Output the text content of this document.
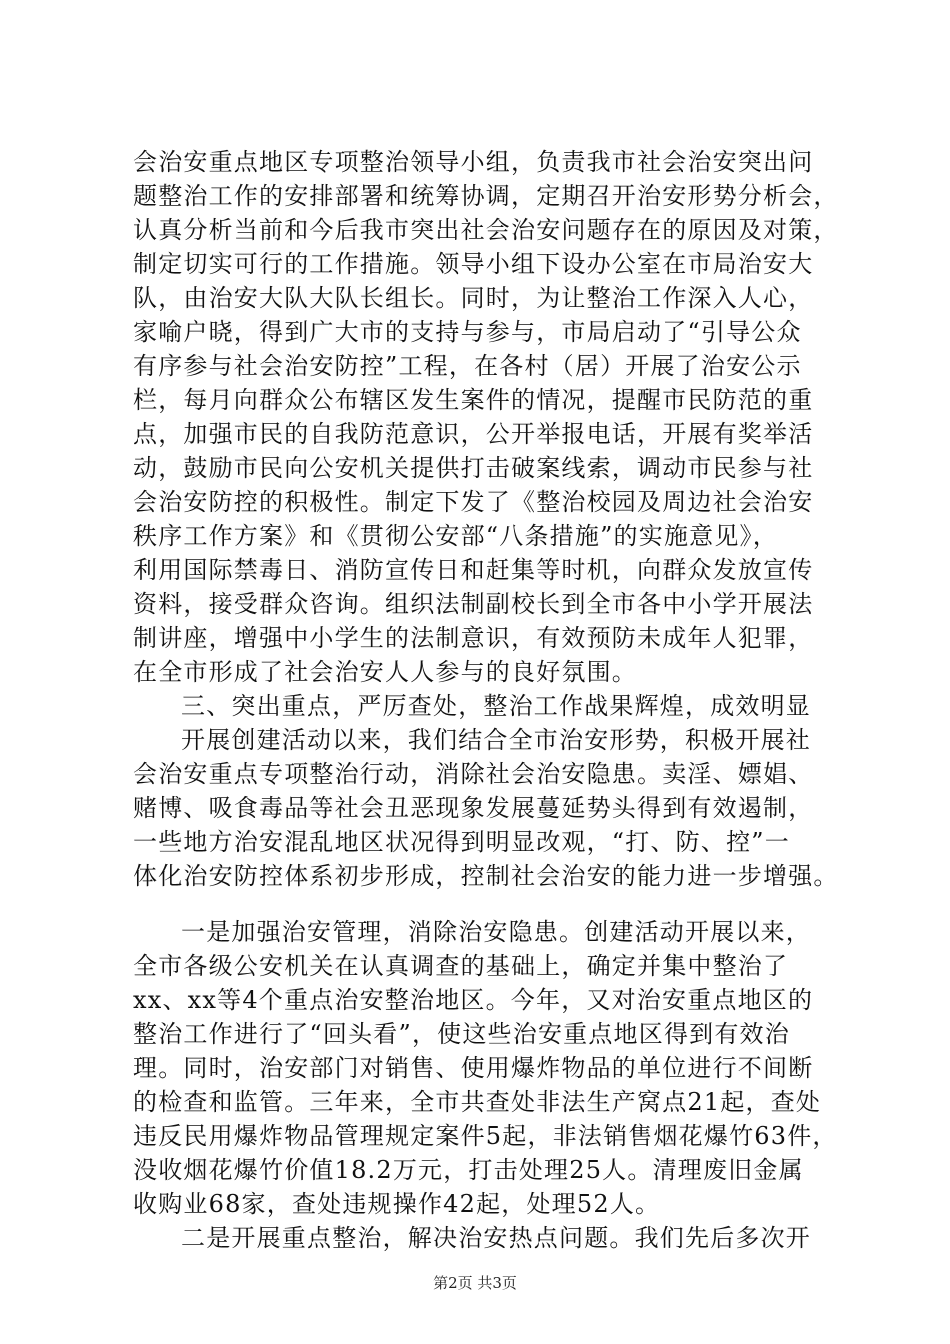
会治安重点地区专项整治领导小组，负责我市社会治安突出问
题整治工作的安排部署和统筹协调，定期召开治安形势分析会，
认真分析当前和今后我市突出社会治安问题存在的原因及对策，
制定切实可行的工作措施。领导小组下设办公室在市局治安大
队，由治安大队大队长组长。同时，为让整治工作深入人心，
家喻户晓，得到广大市的支持与参与，市局启动了“引导公众
有序参与社会治安防控”工程，在各村（居）开展了治安公示
栏，每月向群众公布辖区发生案件的情况，提醒市民防范的重
点，加强市民的自我防范意识，公开举报电话，开展有奖举活
动，鼓励市民向公安机关提供打击破案线索，调动市民参与社
会治安防控的积极性。制定下发了《整治校园及周边社会治安
秩序工作方案》和《贯彻公安部“八条措施”的实施意见》，
利用国际禁毒日、消防宣传日和赶集等时机，向群众发放宣传
资料，接受群众咨询。组织法制副校长到全市各中小学开展法
制讲座，增强中小学生的法制意识，有效预防未成年人犯罪，
在全市形成了社会治安人人参与的良好氛围。
三、突出重点，严厉查处，整治工作战果辉煌，成效明显
开展创建活动以来，我们结合全市治安形势，积极开展社
会治安重点专项整治行动，消除社会治安隐患。卖淫、嫖娼、
赌博、吸食毒品等社会丑恶现象发展蔓延势头得到有效遏制，
一些地方治安混乱地区状况得到明显改观，“打、防、控”一
体化治安防控体系初步形成，控制社会治安的能力进一步增强。
一是加强治安管理，消除治安隐患。创建活动开展以来，
全市各级公安机关在认真调查的基础上，确定并集中整治了
xx、xx等4个重点治安整治地区。今年，又对治安重点地区的
整治工作进行了“回头看”，使这些治安重点地区得到有效治
理。同时，治安部门对销售、使用爆炸物品的单位进行不间断
的检查和监管。三年来，全市共查处非法生产窝点21起，查处
违反民用爆炸物品管理规定案件5起，非法销售烟花爆竹63件，
没收烟花爆竹价值18.2万元，打击处理25人。清理废旧金属
收购业68家，查处违规操作42起，处理52人。
二是开展重点整治，解决治安热点问题。我们先后多次开
第2页 共3页
